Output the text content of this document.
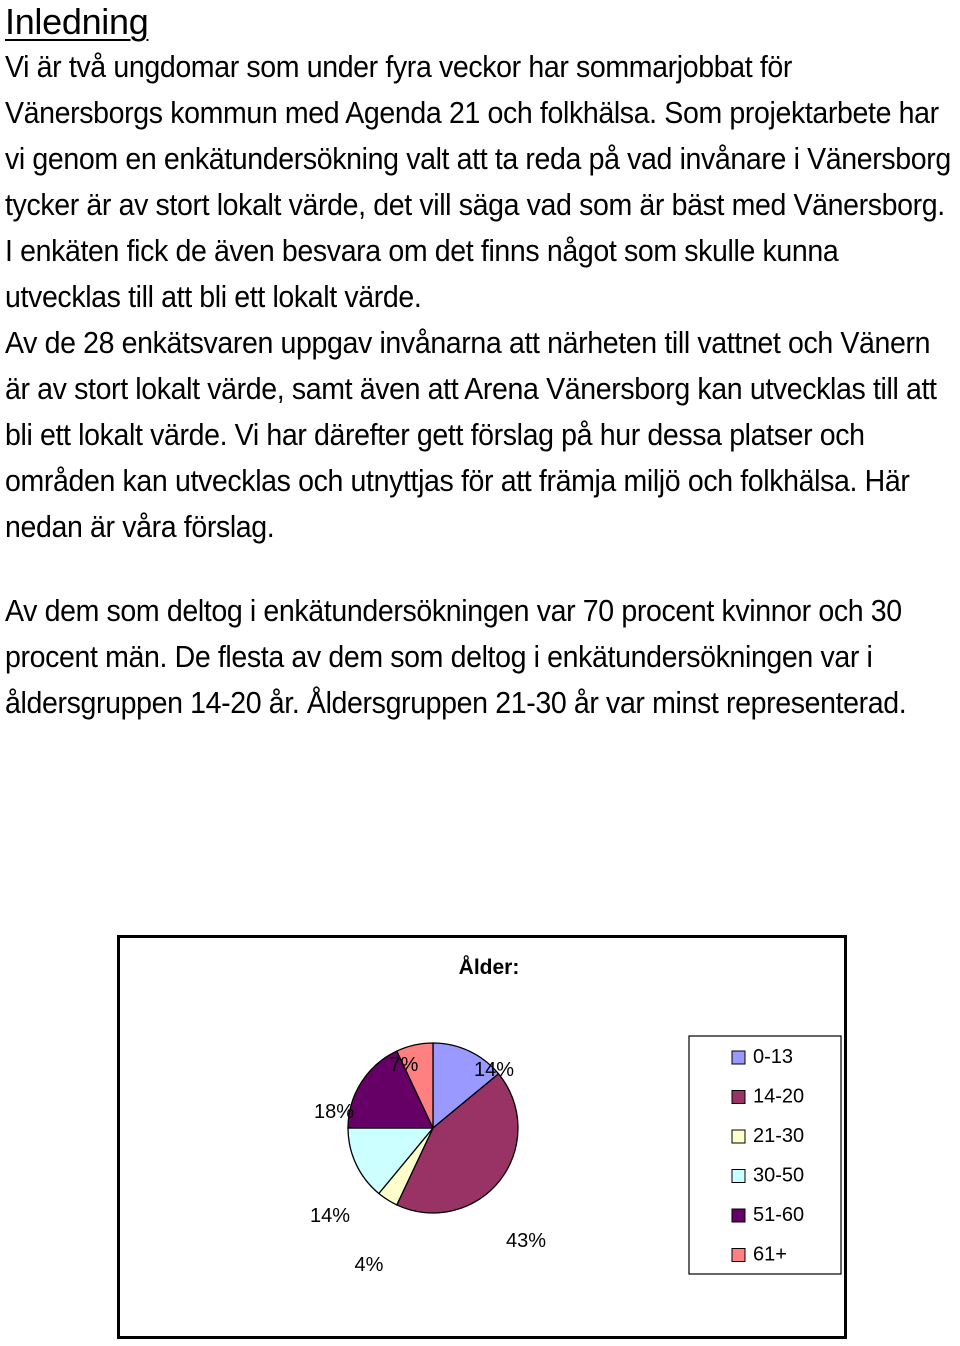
Inledning

Vi är två ungdomar som under fyra veckor har sommarjobbat för Vänersborgs kommun med Agenda 21 och folkhälsa. Som projektarbete har vi genom en enkätundersökning valt att ta reda på vad invånare i Vänersborg tycker är av stort lokalt värde, det vill säga vad som är bäst med Vänersborg. I enkäten fick de även besvara om det finns något som skulle kunna utvecklas till att bli ett lokalt värde.

Av de 28 enkätsvaren uppgav invånarna att närheten till vattnet och Vänern är av stort lokalt värde, samt även att Arena Vänersborg kan utvecklas till att bli ett lokalt värde. Vi har därefter gett förslag på hur dessa platser och områden kan utvecklas och utnyttjas för att främja miljö och folkhälsa. Här nedan är våra förslag.

Av dem som deltog i enkätundersökningen var 70 procent kvinnor och 30 procent män. De flesta av dem som deltog i enkätundersökningen var i åldersgruppen 14-20 år. Åldersgruppen 21-30 år var minst representerad.

Ålder:
14%
43%
4%
14%
18%
7%	0-13
14-20
21-30
30-50
51-60
61+
